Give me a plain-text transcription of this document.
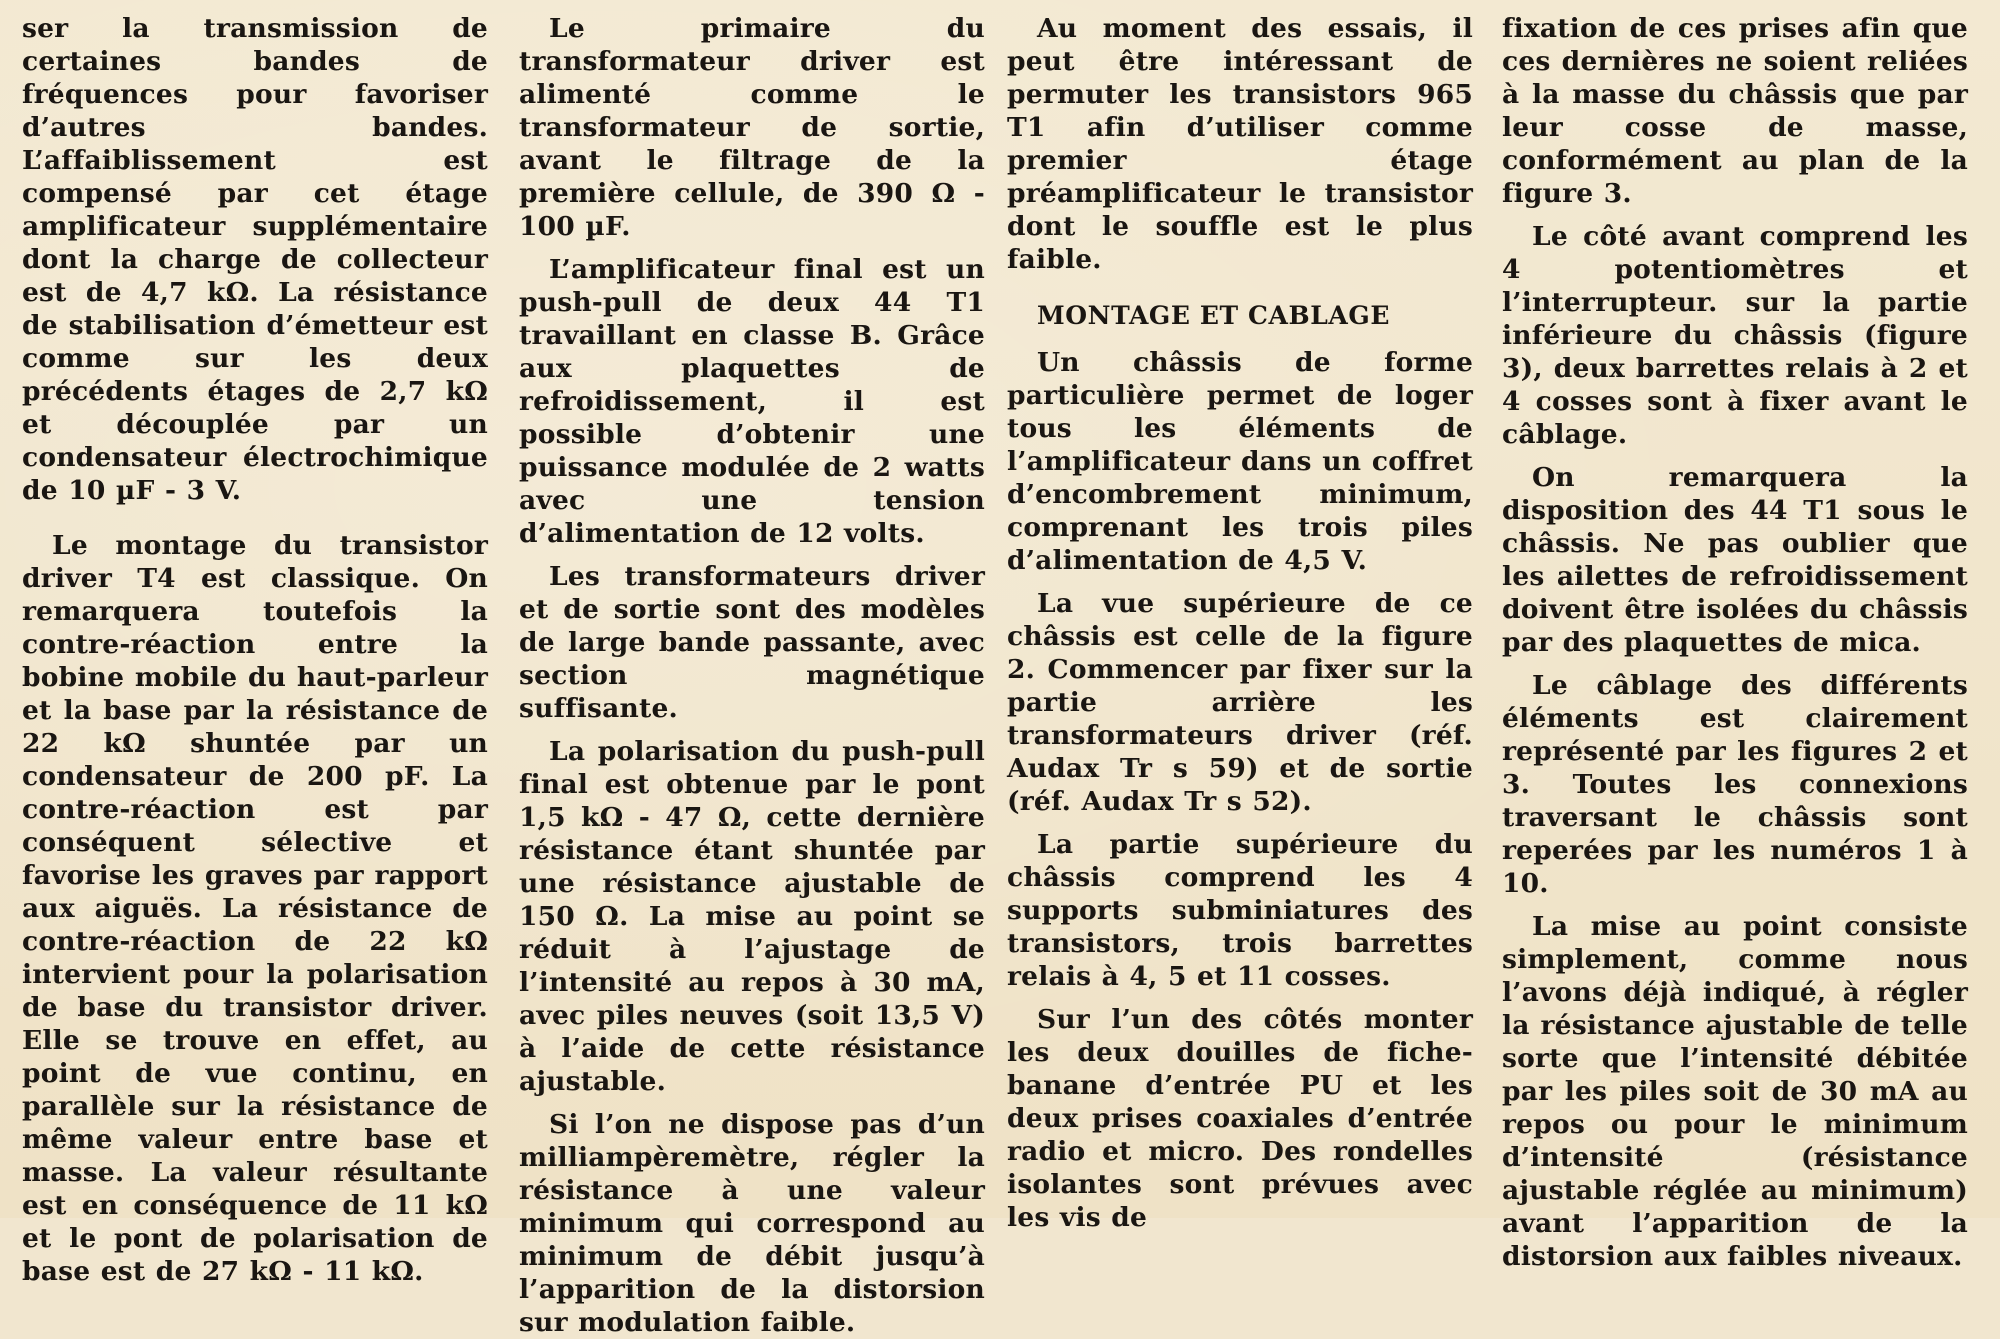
ser la transmission de certaines bandes de fréquences pour favoriser d’autres bandes. L’affaiblissement est compensé par cet étage amplificateur supplémentaire dont la charge de collecteur est de 4,7 kΩ. La résistance de stabilisation d’émetteur est comme sur les deux précédents étages de 2,7 kΩ et découplée par un condensateur électrochimique de 10 µF - 3 V.

Le montage du transistor driver T4 est classique. On remarquera toutefois la contre-réaction entre la bobine mobile du haut-parleur et la base par la résistance de 22 kΩ shuntée par un condensateur de 200 pF. La contre-réaction est par conséquent sélective et favorise les graves par rapport aux aiguës. La résistance de contre-réaction de 22 kΩ intervient pour la polarisation de base du transistor driver. Elle se trouve en effet, au point de vue continu, en parallèle sur la résistance de même valeur entre base et masse. La valeur résultante est en conséquence de 11 kΩ et le pont de polarisation de base est de 27 kΩ - 11 kΩ.

Le primaire du transformateur driver est alimenté comme le transformateur de sortie, avant le filtrage de la première cellule, de 390 Ω - 100 µF.

L’amplificateur final est un push-pull de deux 44 T1 travaillant en classe B. Grâce aux plaquettes de refroidissement, il est possible d’obtenir une puissance modulée de 2 watts avec une tension d’alimentation de 12 volts.

Les transformateurs driver et de sortie sont des modèles de large bande passante, avec section magnétique suffisante.

La polarisation du push-pull final est obtenue par le pont 1,5 kΩ - 47 Ω, cette dernière résistance étant shuntée par une résistance ajustable de 150 Ω. La mise au point se réduit à l’ajustage de l’intensité au repos à 30 mA, avec piles neuves (soit 13,5 V) à l’aide de cette résistance ajustable.

Si l’on ne dispose pas d’un milliampèremètre, régler la résistance à une valeur minimum qui correspond au minimum de débit jusqu’à l’apparition de la distorsion sur modulation faible.

Au moment des essais, il peut être intéressant de permuter les transistors 965 T1 afin d’utiliser comme premier étage préamplificateur le transistor dont le souffle est le plus faible.

MONTAGE ET CABLAGE

Un châssis de forme particulière permet de loger tous les éléments de l’amplificateur dans un coffret d’encombrement minimum, comprenant les trois piles d’alimentation de 4,5 V.

La vue supérieure de ce châssis est celle de la figure 2. Commencer par fixer sur la partie arrière les transformateurs driver (réf. Audax Tr s 59) et de sortie (réf. Audax Tr s 52).

La partie supérieure du châssis comprend les 4 supports subminiatures des transistors, trois barrettes relais à 4, 5 et 11 cosses.

Sur l’un des côtés monter les deux douilles de fiche-banane d’entrée PU et les deux prises coaxiales d’entrée radio et micro. Des rondelles isolantes sont prévues avec les vis de

fixation de ces prises afin que ces dernières ne soient reliées à la masse du châssis que par leur cosse de masse, conformément au plan de la figure 3.

Le côté avant comprend les 4 potentiomètres et l’interrupteur. sur la partie inférieure du châssis (figure 3), deux barrettes relais à 2 et 4 cosses sont à fixer avant le câblage.

On remarquera la disposition des 44 T1 sous le châssis. Ne pas oublier que les ailettes de refroidissement doivent être isolées du châssis par des plaquettes de mica.

Le câblage des différents éléments est clairement représenté par les figures 2 et 3. Toutes les connexions traversant le châssis sont reperées par les numéros 1 à 10.

La mise au point consiste simplement, comme nous l’avons déjà indiqué, à régler la résistance ajustable de telle sorte que l’intensité débitée par les piles soit de 30 mA au repos ou pour le minimum d’intensité (résistance ajustable réglée au minimum) avant l’apparition de la distorsion aux faibles niveaux.
